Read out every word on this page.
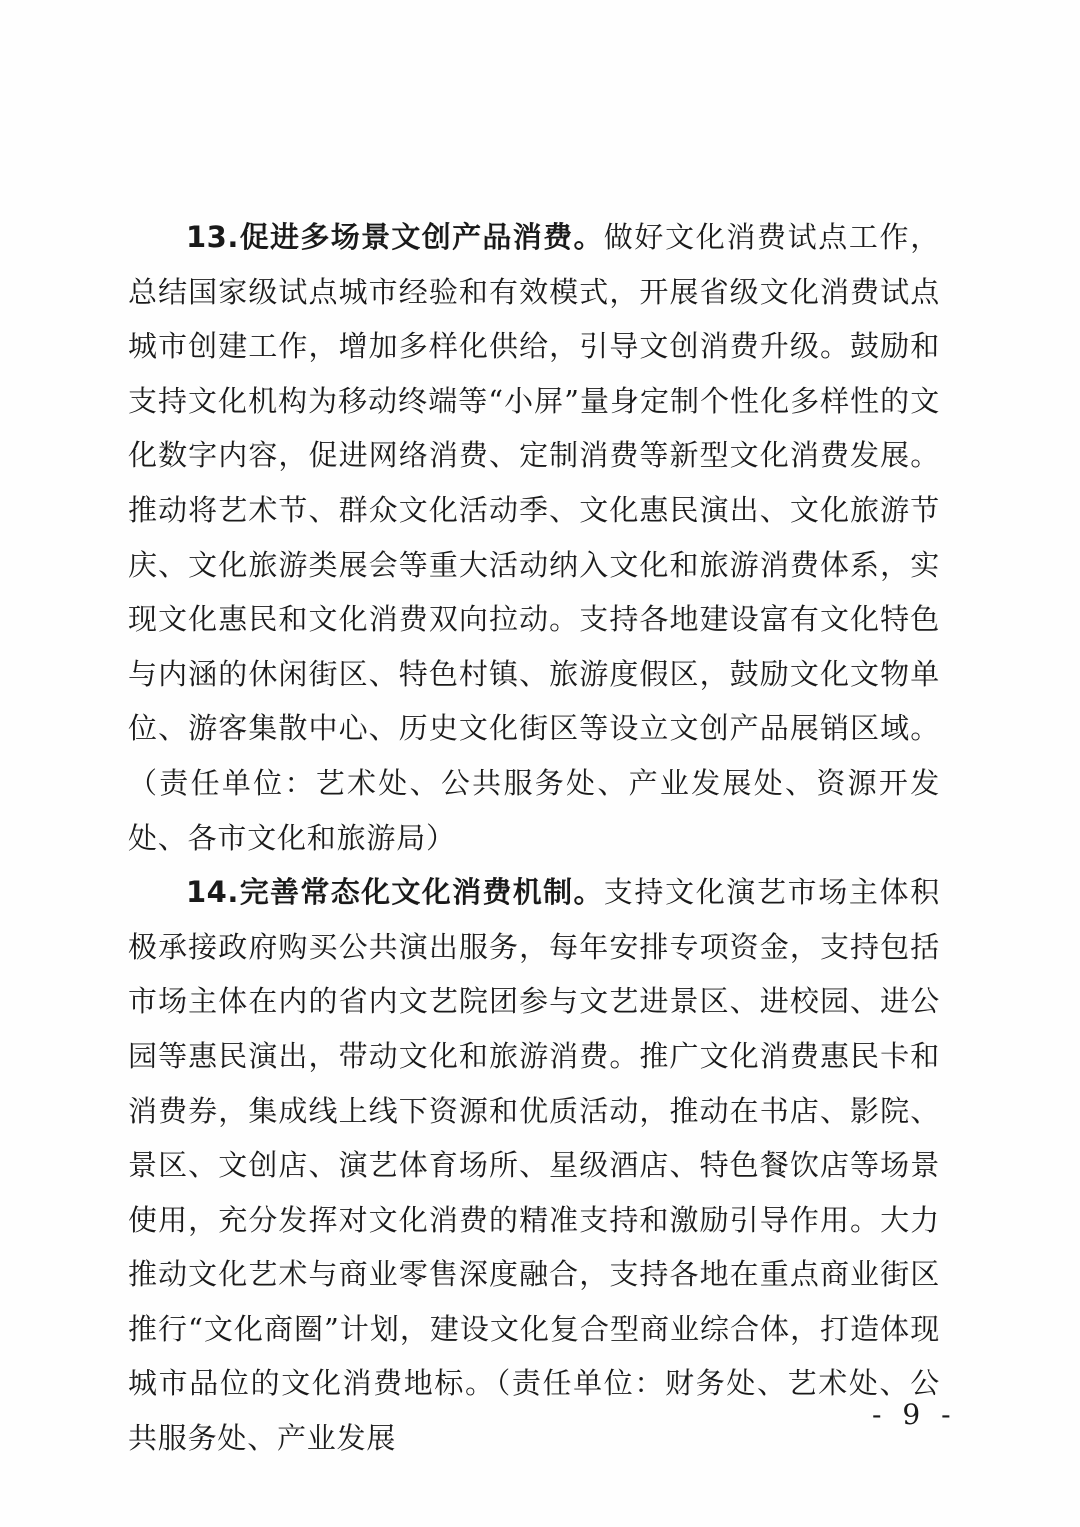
13.促进多场景文创产品消费。做好文化消费试点工作，总结国家级试点城市经验和有效模式，开展省级文化消费试点城市创建工作，增加多样化供给，引导文创消费升级。鼓励和支持文化机构为移动终端等“小屏”量身定制个性化多样性的文化数字内容，促进网络消费、定制消费等新型文化消费发展。推动将艺术节、群众文化活动季、文化惠民演出、文化旅游节庆、文化旅游类展会等重大活动纳入文化和旅游消费体系，实现文化惠民和文化消费双向拉动。支持各地建设富有文化特色与内涵的休闲街区、特色村镇、旅游度假区，鼓励文化文物单位、游客集散中心、历史文化街区等设立文创产品展销区域。（责任单位：艺术处、公共服务处、产业发展处、资源开发处、各市文化和旅游局）

14.完善常态化文化消费机制。支持文化演艺市场主体积极承接政府购买公共演出服务，每年安排专项资金，支持包括市场主体在内的省内文艺院团参与文艺进景区、进校园、进公园等惠民演出，带动文化和旅游消费。推广文化消费惠民卡和消费券，集成线上线下资源和优质活动，推动在书店、影院、景区、文创店、演艺体育场所、星级酒店、特色餐饮店等场景使用，充分发挥对文化消费的精准支持和激励引导作用。大力推动文化艺术与商业零售深度融合，支持各地在重点商业街区推行“文化商圈”计划，建设文化复合型商业综合体，打造体现城市品位的文化消费地标。（责任单位：财务处、艺术处、公共服务处、产业发展

- 9 -
